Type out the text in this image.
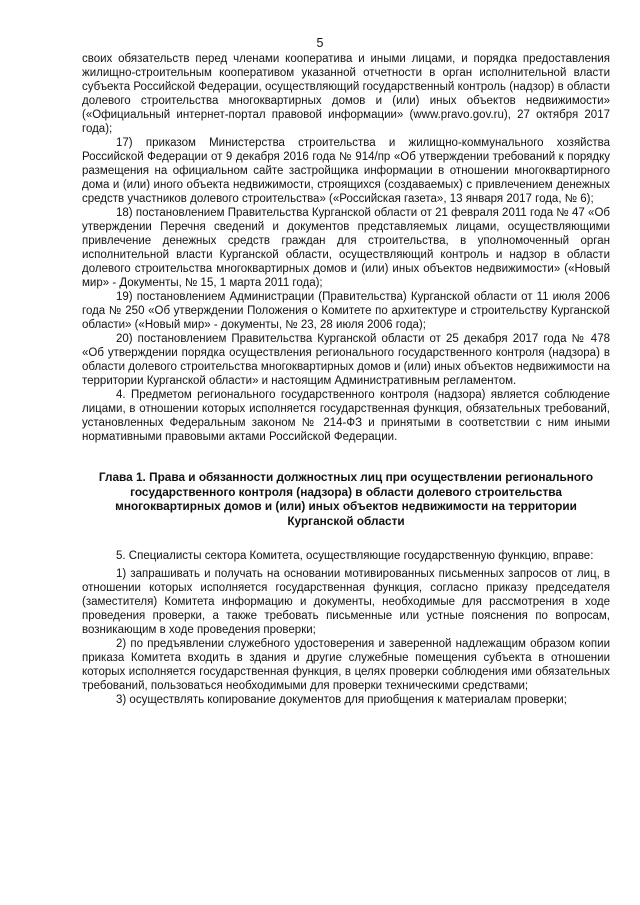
5

своих обязательств перед членами кооператива и иными лицами, и порядка предоставления жилищно-строительным кооперативом указанной отчетности в орган исполнительной власти субъекта Российской Федерации, осуществляющий государственный контроль (надзор) в области долевого строительства многоквартирных домов и (или) иных объектов недвижимости» («Официальный интернет-портал правовой информации» (www.pravo.gov.ru), 27 октября 2017 года);

17) приказом Министерства строительства и жилищно-коммунального хозяйства Российской Федерации от 9 декабря 2016 года № 914/пр «Об утверждении требований к порядку размещения на официальном сайте застройщика информации в отношении многоквартирного дома и (или) иного объекта недвижимости, строящихся (создаваемых) с привлечением денежных средств участников долевого строительства» («Российская газета», 13 января 2017 года, № 6);

18) постановлением Правительства Курганской области от 21 февраля 2011 года № 47 «Об утверждении Перечня сведений и документов представляемых лицами, осуществляющими привлечение денежных средств граждан для строительства, в уполномоченный орган исполнительной власти Курганской области, осуществляющий контроль и надзор в области долевого строительства многоквартирных домов и (или) иных объектов недвижимости» («Новый мир» - Документы, № 15, 1 марта 2011 года);

19) постановлением Администрации (Правительства) Курганской области от 11 июля 2006 года № 250 «Об утверждении Положения о Комитете по архитектуре и строительству Курганской области» («Новый мир» - документы, № 23, 28 июля 2006 года);

20) постановлением Правительства Курганской области от 25 декабря 2017 года № 478 «Об утверждении порядка осуществления регионального государственного контроля (надзора) в области долевого строительства многоквартирных домов и (или) иных объектов недвижимости на территории Курганской области» и настоящим Административным регламентом.

4. Предметом регионального государственного контроля (надзора) является соблюдение лицами, в отношении которых исполняется государственная функция, обязательных требований, установленных Федеральным законом № 214-ФЗ и принятыми в соответствии с ним иными нормативными правовыми актами Российской Федерации.

Глава 1. Права и обязанности должностных лиц при осуществлении регионального государственного контроля (надзора) в области долевого строительства многоквартирных домов и (или) иных объектов недвижимости на территории Курганской области

5. Специалисты сектора Комитета, осуществляющие государственную функцию, вправе:

1) запрашивать и получать на основании мотивированных письменных запросов от лиц, в отношении которых исполняется государственная функция, согласно приказу председателя (заместителя) Комитета информацию и документы, необходимые для рассмотрения в ходе проведения проверки, а также требовать письменные или устные пояснения по вопросам, возникающим в ходе проведения проверки;

2) по предъявлении служебного удостоверения и заверенной надлежащим образом копии приказа Комитета входить в здания и другие служебные помещения субъекта в отношении которых исполняется государственная функция, в целях проверки соблюдения ими обязательных требований, пользоваться необходимыми для проверки техническими средствами;

3) осуществлять копирование документов для приобщения к материалам проверки;
